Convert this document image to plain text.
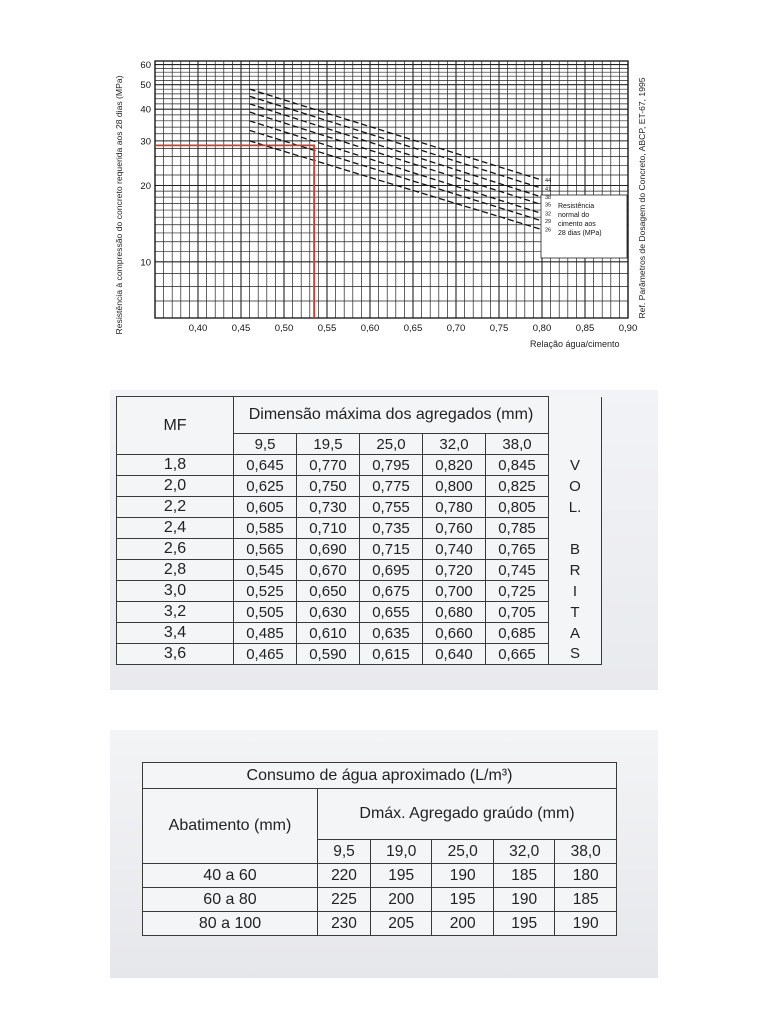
0,40	0,45	0,50	0,55	0,60	0,65	0,70	0,75	0,80	0,85	0,90
10
20
30
40
50
60
Resistência
normal do
cimento aos
28 dias (MPa)
44
41
38
35
32
29
26
Resistência à compressão do concreto requerida aos 28 dias (MPa)	Ref. Parâmetros de Dosagem do Concreto, ABCP, ET-67, 1995
Relação água/cimento
MF	Dimensão máxima dos agregados (mm)					
	9,5	19,5	25,0	32,0	38,0	
1,8	0,645	0,770	0,795	0,820	0,845	V
2,0	0,625	0,750	0,775	0,800	0,825	O
2,2	0,605	0,730	0,755	0,780	0,805	L.
2,4	0,585	0,710	0,735	0,760	0,785	
2,6	0,565	0,690	0,715	0,740	0,765	B
2,8	0,545	0,670	0,695	0,720	0,745	R
3,0	0,525	0,650	0,675	0,700	0,725	I
3,2	0,505	0,630	0,655	0,680	0,705	T
3,4	0,485	0,610	0,635	0,660	0,685	A
3,6	0,465	0,590	0,615	0,640	0,665	S
Consumo de água aproximado (L/m³)					
Abatimento (mm)	Dmáx. Agregado graúdo (mm)				
	9,5	19,0	25,0	32,0	38,0
40 a 60	220	195	190	185	180
60 a 80	225	200	195	190	185
80 a 100	230	205	200	195	190
